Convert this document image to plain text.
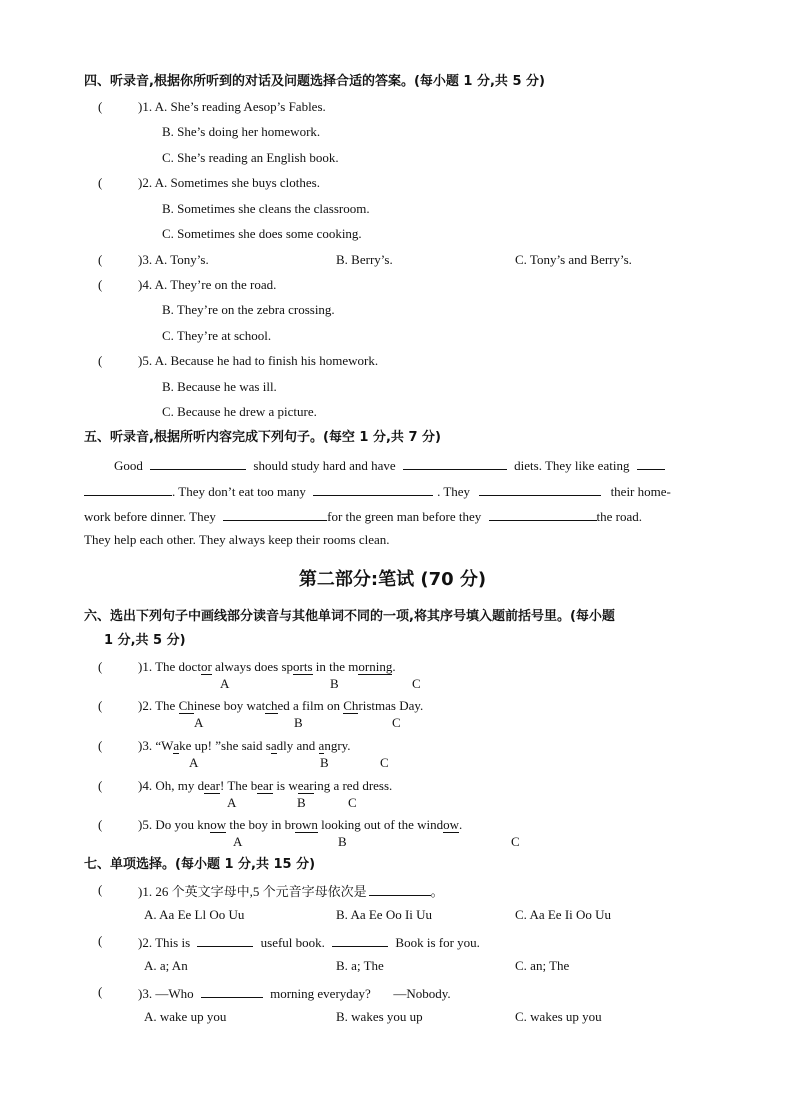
四、听录音,根据你所听到的对话及问题选择合适的答案。(每小题 1 分,共 5 分)
(	)1. A. She’s reading Aesop’s Fables.
B. She’s doing her homework.
C. She’s reading an English book.
(	)2. A. Sometimes she buys clothes.
B. Sometimes she cleans the classroom.
C. Sometimes she does some cooking.
(	)3. A. Tony’s.	B. Berry’s.	C. Tony’s and Berry’s.
(	)4. A. They’re on the road.
B. They’re on the zebra crossing.
C. They’re at school.
(	)5. A. Because he had to finish his homework.
B. Because he was ill.
C. Because he drew a picture.
五、听录音,根据所听内容完成下列句子。(每空 1 分,共 7 分)
Good	should study hard and have	diets. They like eating
. They don’t eat too many	. They	their home-
work before dinner. They	for the green man before they	the road.
They help each other. They always keep their rooms clean.
第二部分:笔试 (70 分)
六、选出下列句子中画线部分读音与其他单词不同的一项,将其序号填入题前括号里。(每小题
1 分,共 5 分)
(	)1. The doctor
always does sports
in the morning
.
A	B	C
(	)2. The Ch
inese boy watch
ed a film on Ch
ristmas Day.
A	B	C
(	)3. “Wa
ke up! ”she said sa
dly and a
ngry.
A	B	C
(	)4. Oh, my dear
! The bear
is wear
ing a red dress.
A	B	C
(	)5. Do you know
the boy in brown
looking out of the window
.
A	B	C
七、单项选择。(每小题 1 分,共 15 分)
(	)1. 26 个英文字母中,5 个元音字母依次是	。
A. Aa Ee Ll Oo Uu	B. Aa Ee Oo Ii Uu	C. Aa Ee Ii Oo Uu
(	)2. This is	useful book.	Book is for you.
A. a; An	B. a; The	C. an; The
(	)3. —Who	morning everyday? —Nobody.
A. wake up you	B. wakes you up	C. wakes up you
